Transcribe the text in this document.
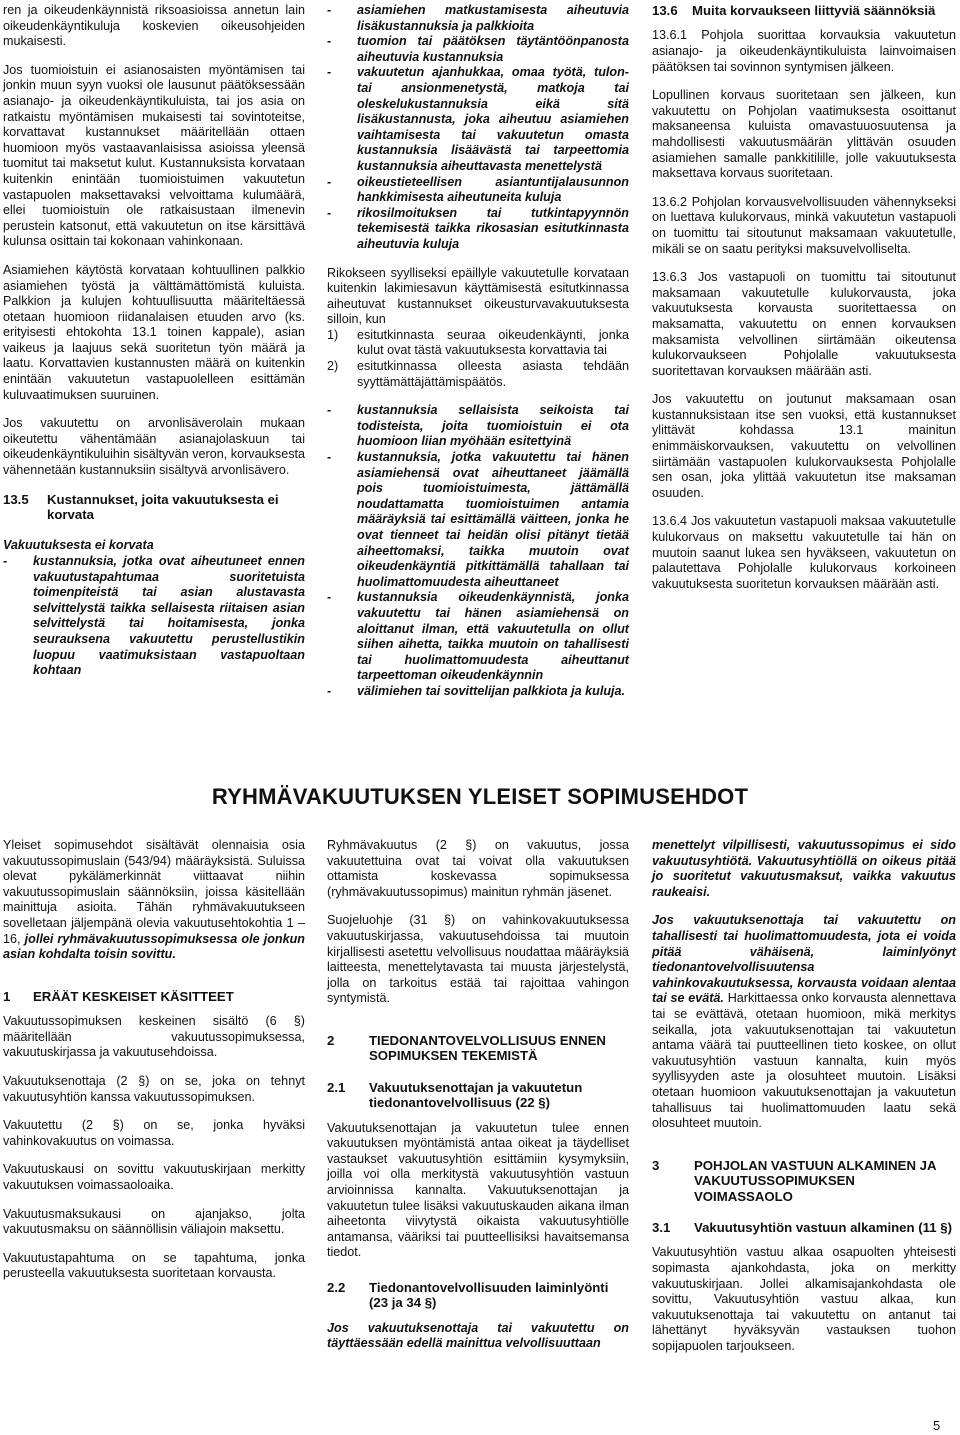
ren ja oikeudenkäynnistä riksoasioissa annetun lain oikeudenkäyntikuluja koskevien oikeusohjeiden mukaisesti.

Jos tuomioistuin ei asianosaisten myöntämisen tai jonkin muun syyn vuoksi ole lausunut päätöksessään asianajo- ja oikeudenkäyntikuluista, tai jos asia on ratkaistu myöntämisen mukaisesti tai sovintoteitse, korvattavat kustannukset määritellään ottaen huomioon myös vastaavanlaisissa asioissa yleensä tuomitut tai maksetut kulut. Kustannuksista korvataan kuitenkin enintään tuomioistuimen vakuutetun vastapuolen maksettavaksi velvoittama kulumäärä, ellei tuomioistuin ole ratkaisustaan ilmenevin perustein katsonut, että vakuutetun on itse kärsittävä kulunsa osittain tai kokonaan vahinkonaan.

Asiamiehen käytöstä korvataan kohtuullinen palkkio asiamiehen työstä ja välttämättömistä kuluista. Palkkion ja kulujen kohtuullisuutta määriteltäessä otetaan huomioon riidanalaisen etuuden arvo (ks. erityisesti ehtokohta 13.1 toinen kappale), asian vaikeus ja laajuus sekä suoritetun työn määrä ja laatu. Korvattavien kustannusten määrä on kuitenkin enintään vakuutetun vastapuolelleen esittämän kuluvaatimuksen suuruinen.

Jos vakuutettu on arvonlisäverolain mukaan oikeutettu vähentämään asianajolaskuun tai oikeudenkäyntikuluihin sisältyvän veron, korvauksesta vähennetään kustannuksiin sisältyvä arvonlisävero.

13.5	Kustannukset, joita vakuutuksesta ei korvata
Vakuutuksesta ei korvata
-	kustannuksia, jotka ovat aiheutuneet ennen vakuutustapahtumaa suoritetuista toimenpiteistä tai asian alustavasta selvittelystä taikka sellaisesta riitaisen asian selvittelystä tai hoitamisesta, jonka seurauksena vakuutettu perustellustikin luopuu vaatimuksistaan vastapuoltaan kohtaan
-	asiamiehen matkustamisesta aiheutuvia lisäkustannuksia ja palkkioita
-	tuomion tai päätöksen täytäntöönpanosta aiheutuvia kustannuksia
-	vakuutetun ajanhukkaa, omaa työtä, tulon- tai ansionmenetystä, matkoja tai oleskelukustannuksia eikä sitä lisäkustannusta, joka aiheutuu asiamiehen vaihtamisesta tai vakuutetun omasta kustannuksia lisäävästä tai tarpeettomia kustannuksia aiheuttavasta menettelystä
-	oikeustieteellisen asiantuntijalausunnon hankkimisesta aiheutuneita kuluja
-	rikosilmoituksen tai tutkintapyynnön tekemisestä taikka rikosasian esitutkinnasta aiheutuvia kuluja

Rikokseen syylliseksi epäillyle vakuutetulle korvataan kuitenkin lakimiesavun käyttämisestä esitutkinnassa aiheutuvat kustannukset oikeusturvavakuutuksesta silloin, kun

1)	esitutkinnasta seuraa oikeudenkäynti, jonka kulut ovat tästä vakuutuksesta korvattavia tai
2)	esitutkinnassa olleesta asiasta tehdään syyttämättäjättämispäätös.
-	kustannuksia sellaisista seikoista tai todisteista, joita tuomioistuin ei ota huomioon liian myöhään esitettyinä
-	kustannuksia, jotka vakuutettu tai hänen asiamiehensä ovat aiheuttaneet jäämällä pois tuomioistuimesta, jättämällä noudattamatta tuomioistuimen antamia määräyksiä tai esittämällä väitteen, jonka he ovat tienneet tai heidän olisi pitänyt tietää aiheettomaksi, taikka muutoin ovat oikeudenkäyntiä pitkittämällä tahallaan tai huolimattomuudesta aiheuttaneet
-	kustannuksia oikeudenkäynnistä, jonka vakuutettu tai hänen asiamiehensä on aloittanut ilman, että vakuutetulla on ollut siihen aihetta, taikka muutoin on tahallisesti tai huolimattomuudesta aiheuttanut tarpeettoman oikeudenkäynnin
-	välimiehen tai sovittelijan palkkiota ja kuluja.
13.6	Muita korvaukseen liittyviä säännöksiä

13.6.1 Pohjola suorittaa korvauksia vakuutetun asianajo- ja oikeudenkäyntikuluista lainvoimaisen päätöksen tai sovinnon syntymisen jälkeen.

Lopullinen korvaus suoritetaan sen jälkeen, kun vakuutettu on Pohjolan vaatimuksesta osoittanut maksaneensa kuluista omavastuuosuutensa ja mahdollisesti vakuutusmäärän ylittävän osuuden asiamiehen samalle pankkitilille, jolle vakuutuksesta maksettava korvaus suoritetaan.

13.6.2 Pohjolan korvausvelvollisuuden vähennykseksi on luettava kulukorvaus, minkä vakuutetun vastapuoli on tuomittu tai sitoutunut maksamaan vakuutetulle, mikäli se on saatu perityksi maksuvelvolliselta.

13.6.3 Jos vastapuoli on tuomittu tai sitoutunut maksamaan vakuutetulle kulukorvausta, joka vakuutuksesta korvausta suoritettaessa on maksamatta, vakuutettu on ennen korvauksen maksamista velvollinen siirtämään oikeutensa kulukorvaukseen Pohjolalle vakuutuksesta suoritettavan korvauksen määrään asti.

Jos vakuutettu on joutunut maksamaan osan kustannuksistaan itse sen vuoksi, että kustannukset ylittävät kohdassa 13.1 mainitun enimmäiskorvauksen, vakuutettu on velvollinen siirtämään vastapuolen kulukorvauksesta Pohjolalle sen osan, joka ylittää vakuutetun itse maksaman osuuden.

13.6.4 Jos vakuutetun vastapuoli maksaa vakuutetulle kulukorvaus on maksettu vakuutetulle tai hän on muutoin saanut lukea sen hyväkseen, vakuutetun on palautettava Pohjolalle kulukorvaus korkoineen vakuutuksesta suoritetun korvauksen määrään asti.

RYHMÄVAKUUTUKSEN YLEISET SOPIMUSEHDOT

Yleiset sopimusehdot sisältävät olennaisia osia vakuutussopimuslain (543/94) määräyksistä. Suluissa olevat pykälämerkinnät viittaavat niihin vakuutussopimuslain säännöksiin, joissa käsitellään mainittuja asioita. Tähän ryhmävakuutukseen sovelletaan jäljempänä olevia vakuutusehtokohtia 1 – 16, jollei ryhmävakuutussopimuksessa ole jonkun asian kohdalta toisin sovittu.

1	ERÄÄT KESKEISET KÄSITTEET

Vakuutussopimuksen keskeinen sisältö (6 §) määritellään vakuutussopimuksessa, vakuutuskirjassa ja vakuutusehdoissa.

Vakuutuksenottaja (2 §) on se, joka on tehnyt vakuutusyhtiön kanssa vakuutussopimuksen.

Vakuutettu (2 §) on se, jonka hyväksi vahinkovakuutus on voimassa.

Vakuutuskausi on sovittu vakuutuskirjaan merkitty vakuutuksen voimassaoloaika.

Vakuutusmaksukausi on ajanjakso, jolta vakuutusmaksu on säännöllisin väliajoin maksettu.

Vakuutustapahtuma on se tapahtuma, jonka perusteella vakuutuksesta suoritetaan korvausta.

Ryhmävakuutus (2 §) on vakuutus, jossa vakuutettuina ovat tai voivat olla vakuutuksen ottamista koskevassa sopimuksessa (ryhmävakuutussopimus) mainitun ryhmän jäsenet.

Suojeluohje (31 §) on vahinkovakuutuksessa vakuutuskirjassa, vakuutusehdoissa tai muutoin kirjallisesti asetettu velvollisuus noudattaa määräyksiä laitteesta, menettelytavasta tai muusta järjestelystä, jolla on tarkoitus estää tai rajoittaa vahingon syntymistä.

2	TIEDONANTOVELVOLLISUUS ENNEN SOPIMUKSEN TEKEMISTÄ
2.1	Vakuutuksenottajan ja vakuutetun tiedonantovelvollisuus (22 §)

Vakuutuksenottajan ja vakuutetun tulee ennen vakuutuksen myöntämistä antaa oikeat ja täydelliset vastaukset vakuutusyhtiön esittämiin kysymyksiin, joilla voi olla merkitystä vakuutusyhtiön vastuun arvioinnissa kannalta. Vakuutuksenottajan ja vakuutetun tulee lisäksi vakuutuskauden aikana ilman aiheetonta viivytystä oikaista vakuutusyhtiölle antamansa, vääriksi tai puutteellisiksi havaitsemansa tiedot.

2.2	Tiedonantovelvollisuuden laiminlyönti (23 ja 34 §)

Jos vakuutuksenottaja tai vakuutettu on täyttäessään edellä mainittua velvollisuuttaan

menettelyt vilpillisesti, vakuutussopimus ei sido vakuutusyhtiötä. Vakuutusyhtiöllä on oikeus pitää jo suoritetut vakuutusmaksut, vaikka vakuutus raukeaisi.

Jos vakuutuksenottaja tai vakuutettu on tahallisesti tai huolimattomuudesta, jota ei voida pitää vähäisenä, laiminlyönyt tiedonantovelvollisuutensa vahinkovakuutuksessa, korvausta voidaan alentaa tai se evätä. Harkittaessa onko korvausta alennettava tai se evättävä, otetaan huomioon, mikä merkitys seikalla, jota vakuutuksenottajan tai vakuutetun antama väärä tai puutteellinen tieto koskee, on ollut vakuutusyhtiön vastuun kannalta, kuin myös syyllisyyden aste ja olosuhteet muutoin. Lisäksi otetaan huomioon vakuutuksenottajan ja vakuutetun tahallisuus tai huolimattomuuden laatu sekä olosuhteet muutoin.

3	POHJOLAN VASTUUN ALKAMINEN JA VAKUUTUSSOPIMUKSEN VOIMASSAOLO
3.1	Vakuutusyhtiön vastuun alkaminen (11 §)

Vakuutusyhtiön vastuu alkaa osapuolten yhteisesti sopimasta ajankohdasta, joka on merkitty vakuutuskirjaan. Jollei alkamisajankohdasta ole sovittu, Vakuutusyhtiön vastuu alkaa, kun vakuutuksenottaja tai vakuutettu on antanut tai lähettänyt hyväksyvän vastauksen tuohon sopijapuolen tarjoukseen.

5
